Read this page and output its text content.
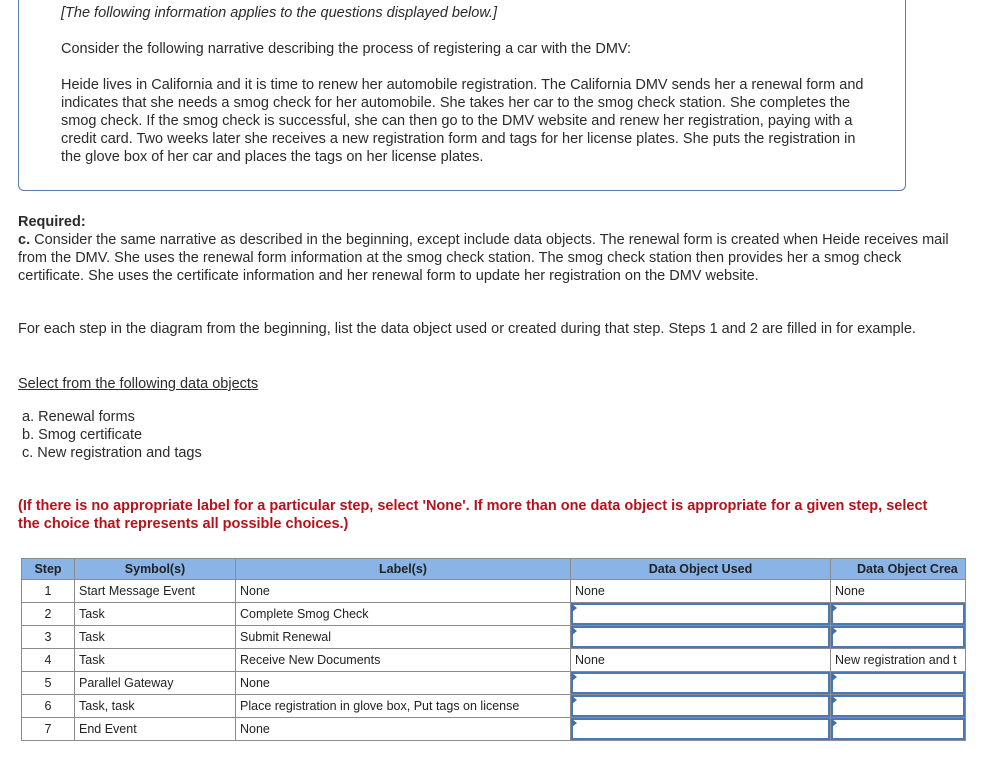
[The following information applies to the questions displayed below.]

Consider the following narrative describing the process of registering a car with the DMV:

Heide lives in California and it is time to renew her automobile registration. The California DMV sends her a renewal form and indicates that she needs a smog check for her automobile. She takes her car to the smog check station. She completes the smog check. If the smog check is successful, she can then go to the DMV website and renew her registration, paying with a credit card. Two weeks later she receives a new registration form and tags for her license plates. She puts the registration in the glove box of her car and places the tags on her license plates.

Required:

c. Consider the same narrative as described in the beginning, except include data objects. The renewal form is created when Heide receives mail from the DMV. She uses the renewal form information at the smog check station. The smog check station then provides her a smog check certificate. She uses the certificate information and her renewal form to update her registration on the DMV website.

For each step in the diagram from the beginning, list the data object used or created during that step. Steps 1 and 2 are filled in for example.

Select from the following data objects

a. Renewal forms
b. Smog certificate
c. New registration and tags

(If there is no appropriate label for a particular step, select 'None'. If more than one data object is appropriate for a given step, select the choice that represents all possible choices.)

Step	Symbol(s)	Label(s)	Data Object Used	Data Object Crea
1	Start Message Event	None	None	None
2	Task	Complete Smog Check	

3	Task	Submit Renewal	

4	Task	Receive New Documents	None	New registration and t
5	Parallel Gateway	None	

6	Task, task	Place registration in glove box, Put tags on license	

7	End Event	None	
